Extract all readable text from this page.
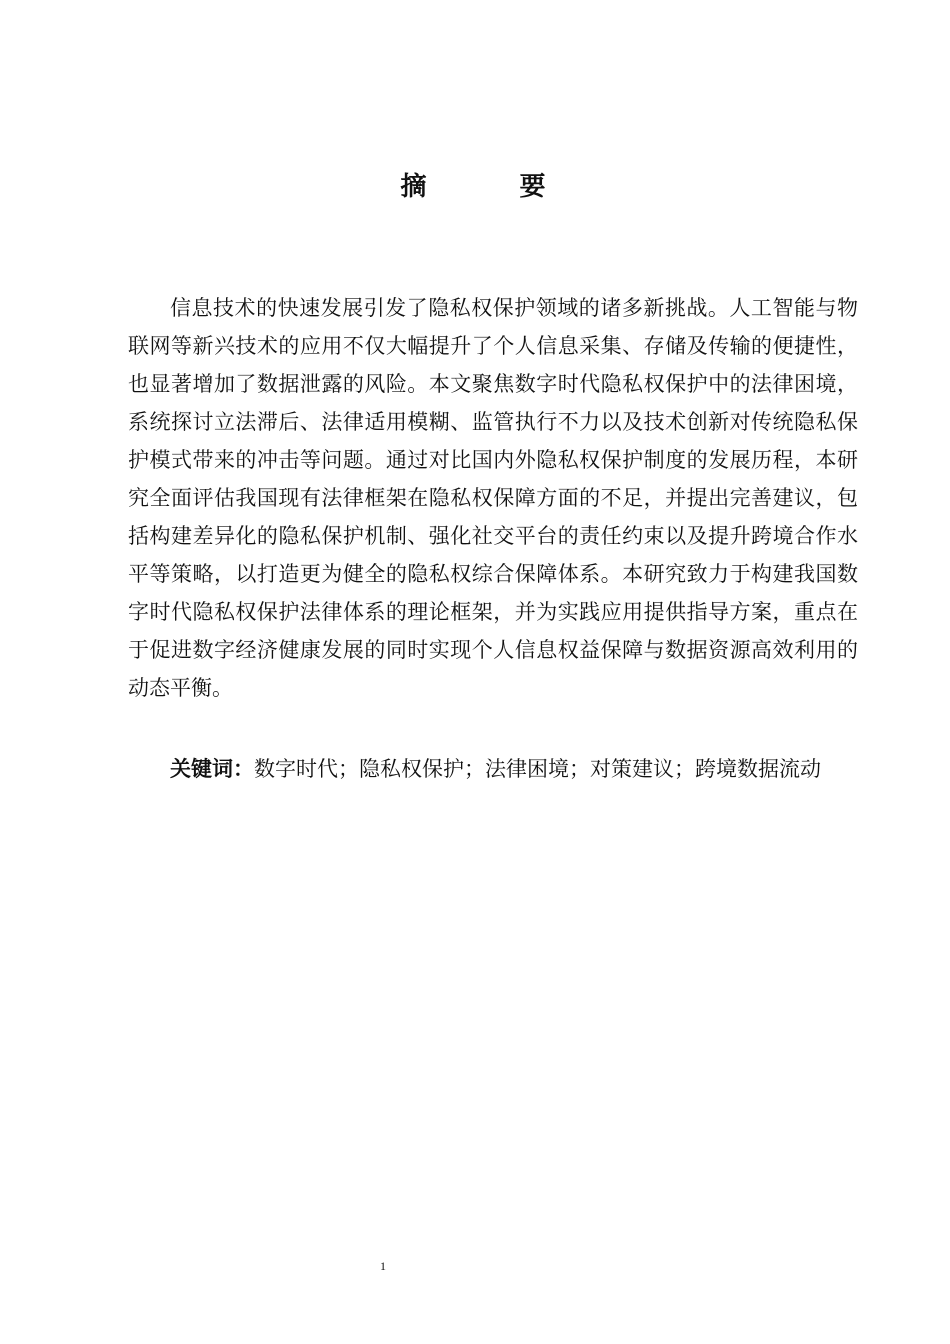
摘 要

信息技术的快速发展引发了隐私权保护领域的诸多新挑战。人工智能与物联网等新兴技术的应用不仅大幅提升了个人信息采集、存储及传输的便捷性，也显著增加了数据泄露的风险。本文聚焦数字时代隐私权保护中的法律困境，系统探讨立法滞后、法律适用模糊、监管执行不力以及技术创新对传统隐私保护模式带来的冲击等问题。通过对比国内外隐私权保护制度的发展历程，本研究全面评估我国现有法律框架在隐私权保障方面的不足，并提出完善建议，包括构建差异化的隐私保护机制、强化社交平台的责任约束以及提升跨境合作水平等策略，以打造更为健全的隐私权综合保障体系。本研究致力于构建我国数字时代隐私权保护法律体系的理论框架，并为实践应用提供指导方案，重点在于促进数字经济健康发展的同时实现个人信息权益保障与数据资源高效利用的动态平衡。

关键词：数字时代；隐私权保护；法律困境；对策建议；跨境数据流动

1
